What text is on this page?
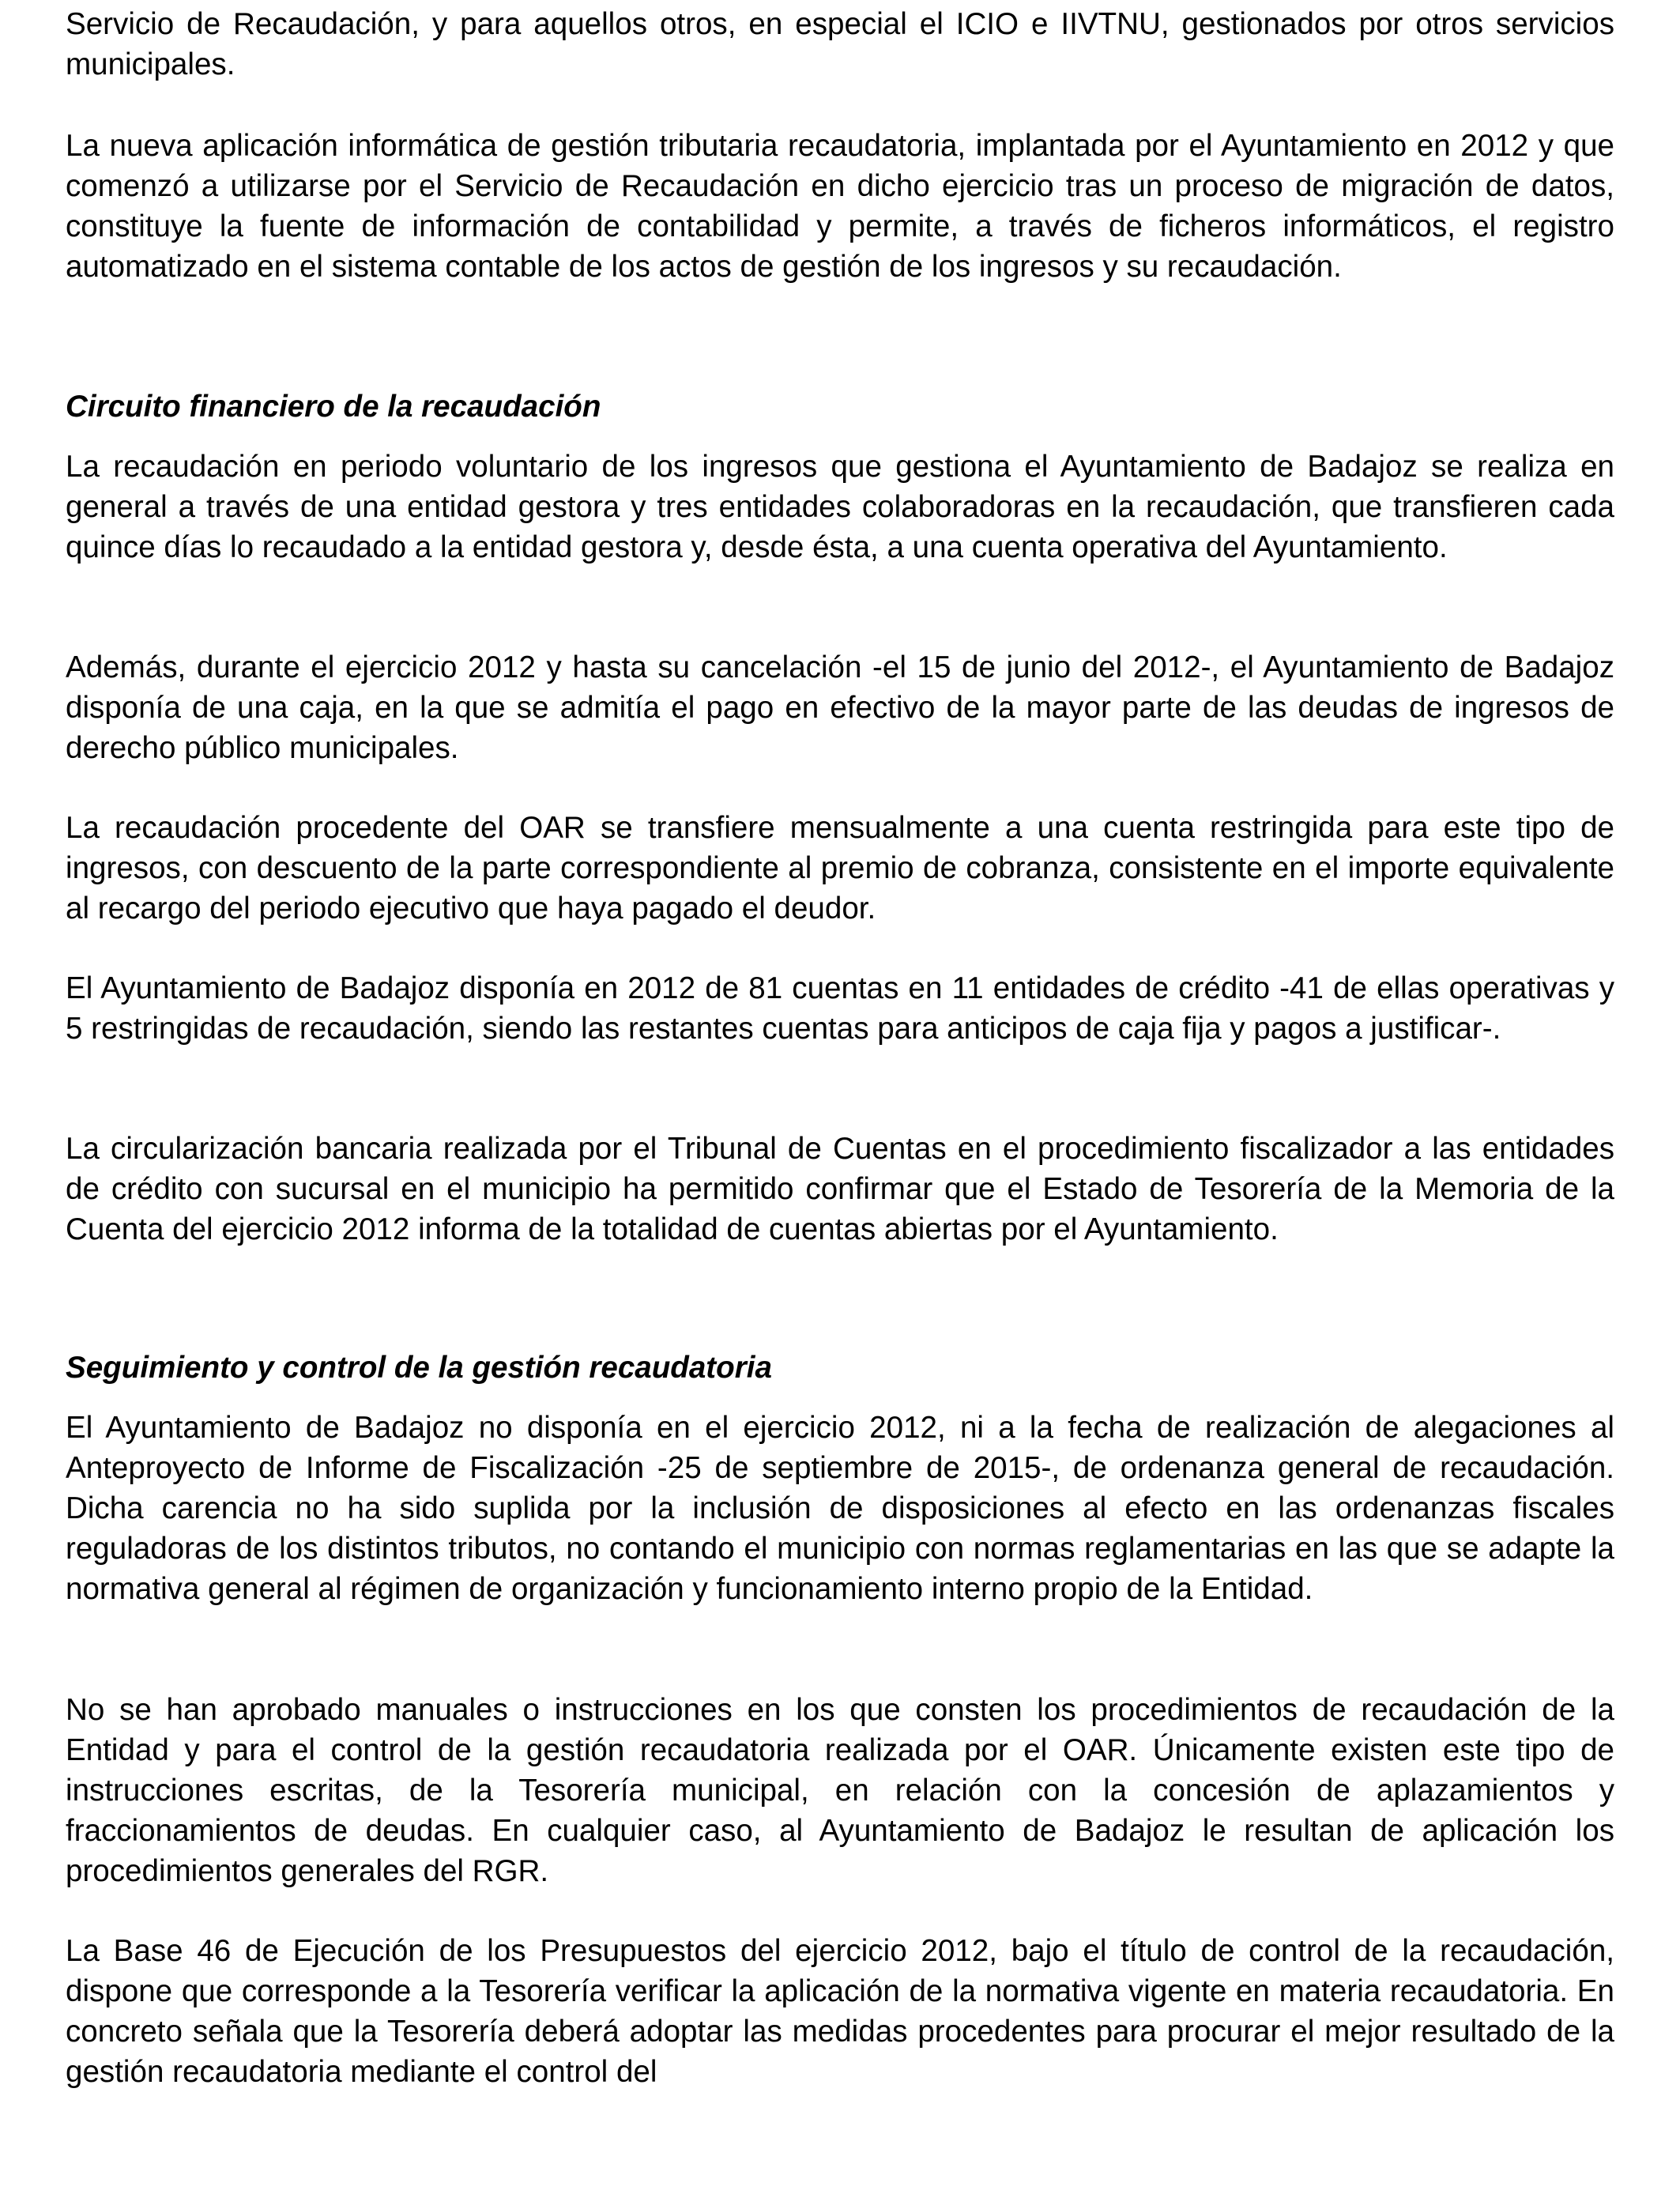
Servicio de Recaudación, y para aquellos otros, en especial el ICIO e IIVTNU, gestionados por otros servicios municipales.

La nueva aplicación informática de gestión tributaria recaudatoria, implantada por el Ayuntamiento en 2012 y que comenzó a utilizarse por el Servicio de Recaudación en dicho ejercicio tras un proceso de migración de datos, constituye la fuente de información de contabilidad y permite, a través de ficheros informáticos, el registro automatizado en el sistema contable de los actos de gestión de los ingresos y su recaudación.

Circuito financiero de la recaudación

La recaudación en periodo voluntario de los ingresos que gestiona el Ayuntamiento de Badajoz se realiza en general a través de una entidad gestora y tres entidades colaboradoras en la recaudación, que transfieren cada quince días lo recaudado a la entidad gestora y, desde ésta, a una cuenta operativa del Ayuntamiento.

Además, durante el ejercicio 2012 y hasta su cancelación -el 15 de junio del 2012-, el Ayuntamiento de Badajoz disponía de una caja, en la que se admitía el pago en efectivo de la mayor parte de las deudas de ingresos de derecho público municipales.

La recaudación procedente del OAR se transfiere mensualmente a una cuenta restringida para este tipo de ingresos, con descuento de la parte correspondiente al premio de cobranza, consistente en el importe equivalente al recargo del periodo ejecutivo que haya pagado el deudor.

El Ayuntamiento de Badajoz disponía en 2012 de 81 cuentas en 11 entidades de crédito -41 de ellas operativas y 5 restringidas de recaudación, siendo las restantes cuentas para anticipos de caja fija y pagos a justificar-.

La circularización bancaria realizada por el Tribunal de Cuentas en el procedimiento fiscalizador a las entidades de crédito con sucursal en el municipio ha permitido confirmar que el Estado de Tesorería de la Memoria de la Cuenta del ejercicio 2012 informa de la totalidad de cuentas abiertas por el Ayuntamiento.

Seguimiento y control de la gestión recaudatoria

El Ayuntamiento de Badajoz no disponía en el ejercicio 2012, ni a la fecha de realización de alegaciones al Anteproyecto de Informe de Fiscalización -25 de septiembre de 2015-, de ordenanza general de recaudación. Dicha carencia no ha sido suplida por la inclusión de disposiciones al efecto en las ordenanzas fiscales reguladoras de los distintos tributos, no contando el municipio con normas reglamentarias en las que se adapte la normativa general al régimen de organización y funcionamiento interno propio de la Entidad.

No se han aprobado manuales o instrucciones en los que consten los procedimientos de recaudación de la Entidad y para el control de la gestión recaudatoria realizada por el OAR. Únicamente existen este tipo de instrucciones escritas, de la Tesorería municipal, en relación con la concesión de aplazamientos y fraccionamientos de deudas. En cualquier caso, al Ayuntamiento de Badajoz le resultan de aplicación los procedimientos generales del RGR.

La Base 46 de Ejecución de los Presupuestos del ejercicio 2012, bajo el título de control de la recaudación, dispone que corresponde a la Tesorería verificar la aplicación de la normativa vigente en materia recaudatoria. En concreto señala que la Tesorería deberá adoptar las medidas procedentes para procurar el mejor resultado de la gestión recaudatoria mediante el control del
